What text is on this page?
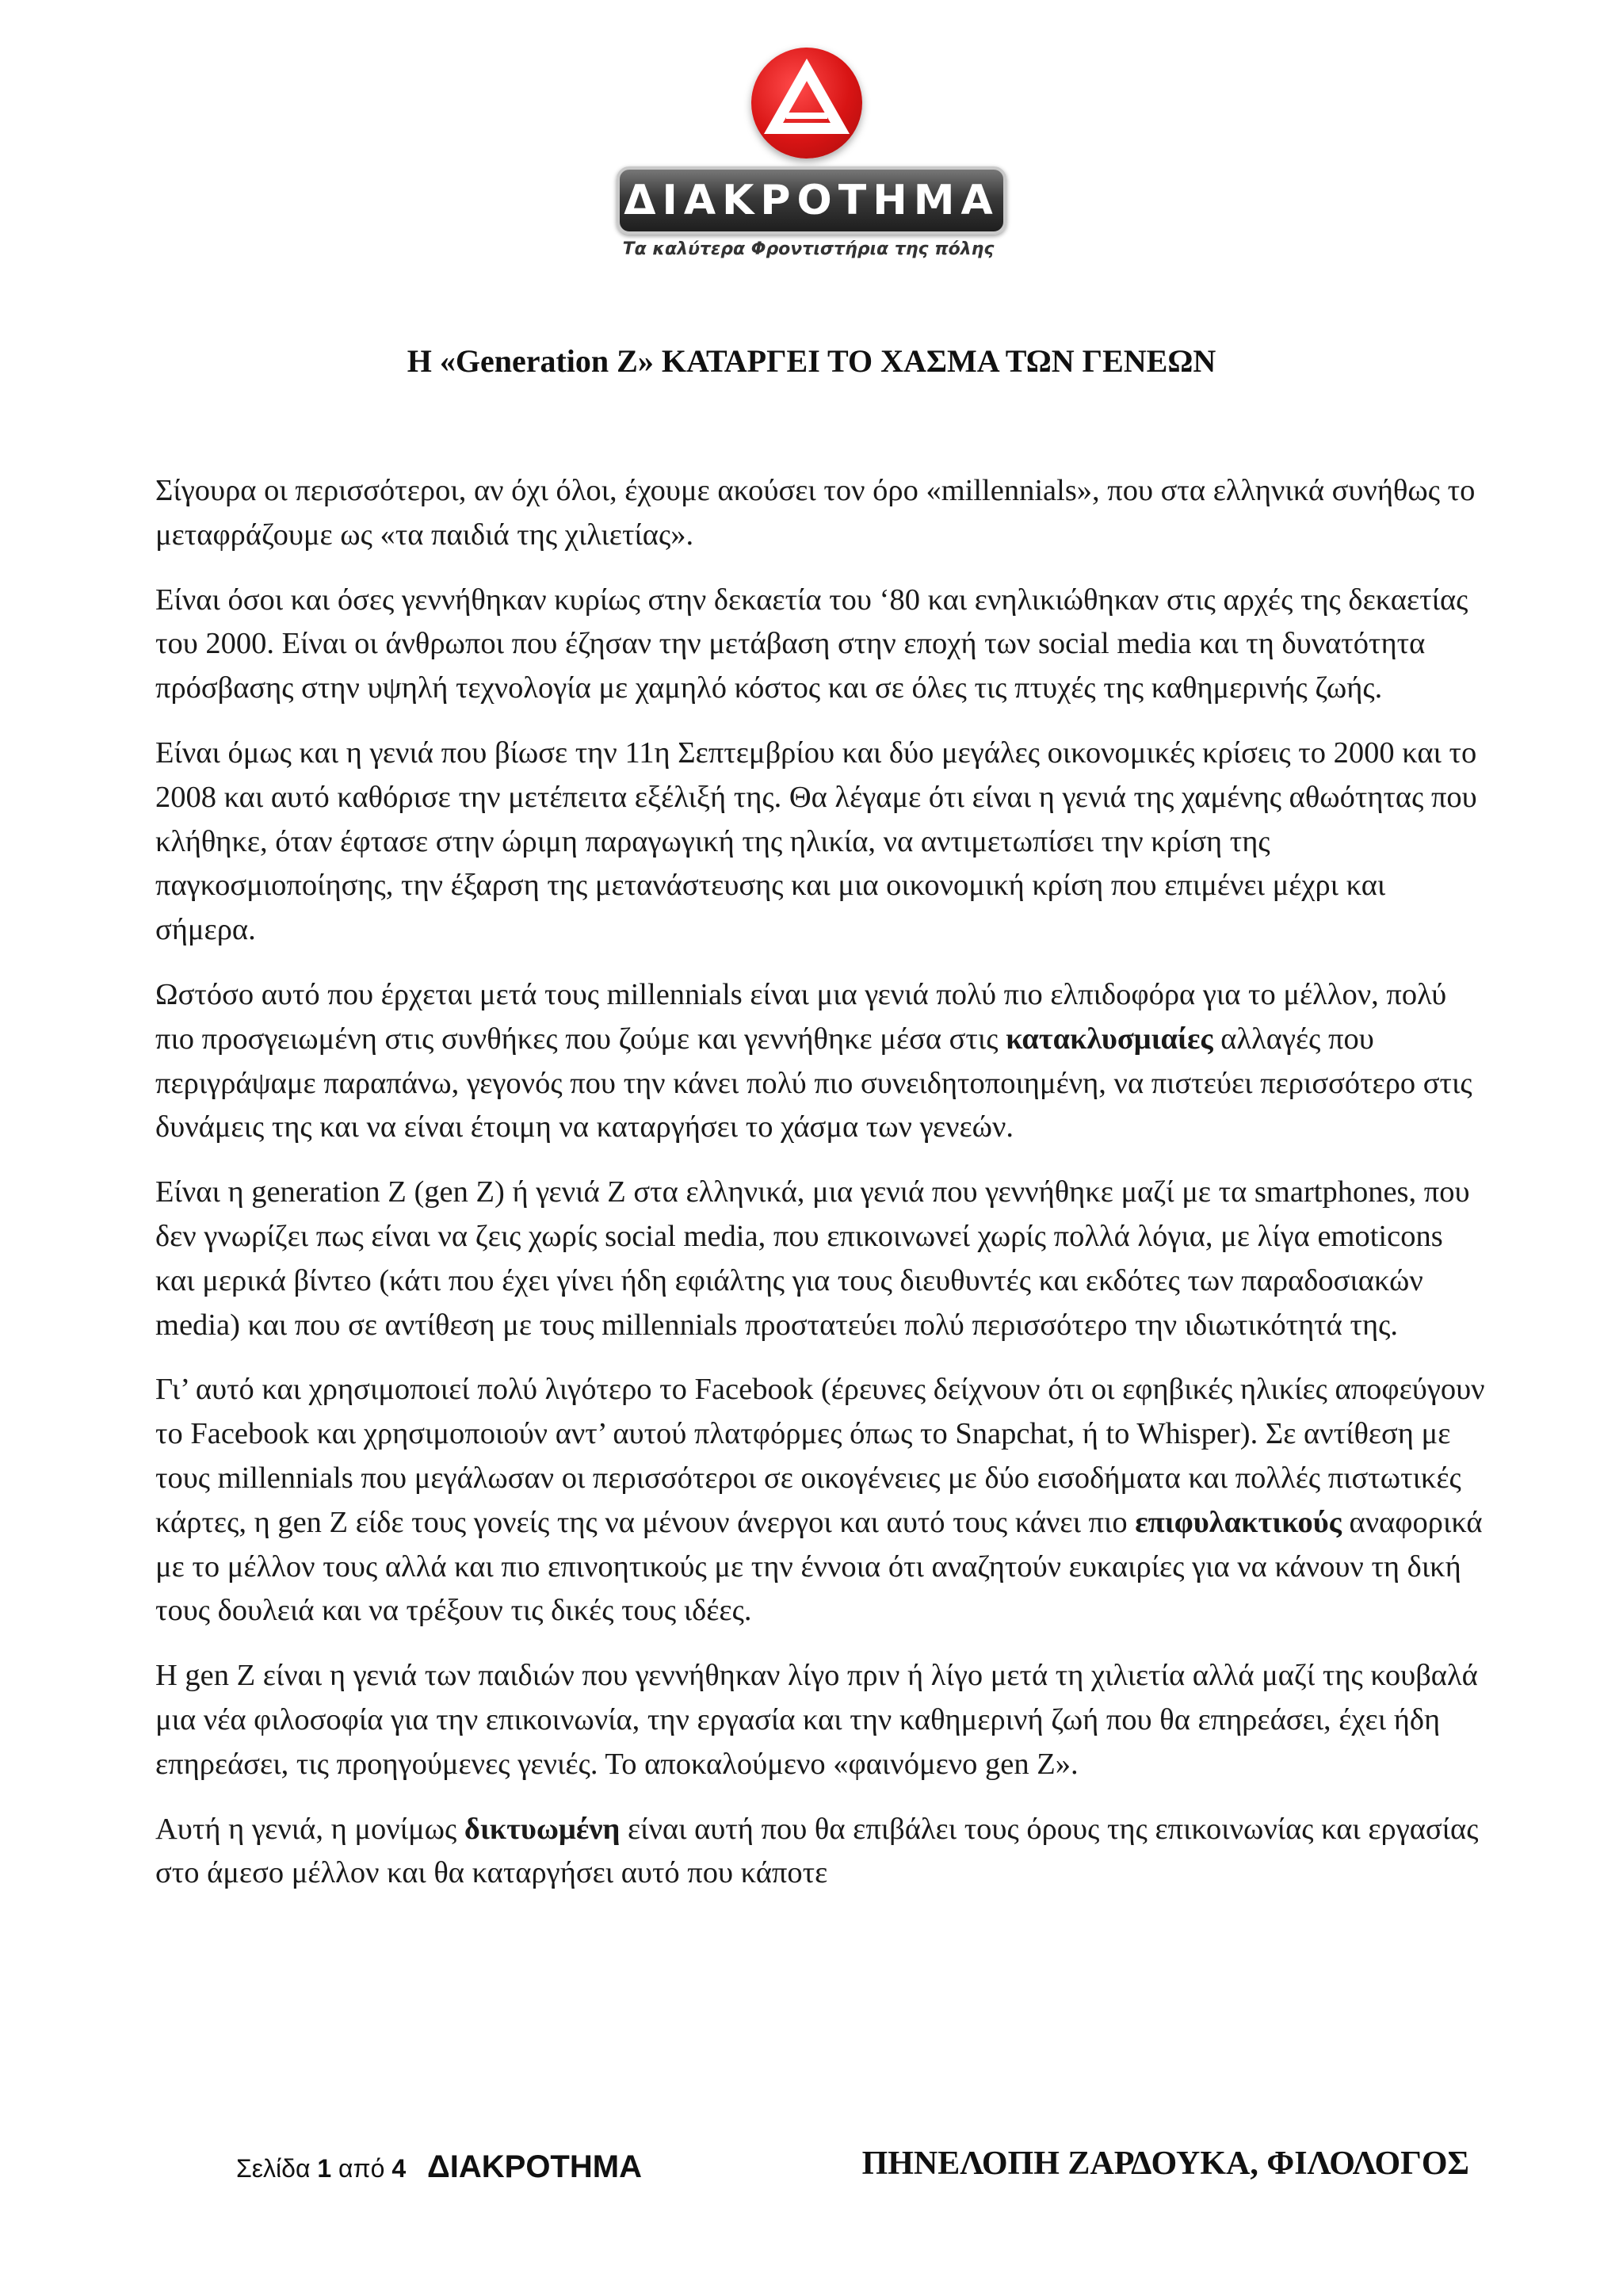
ΔΙΑΚΡΟΤΗΜΑ
Τα καλύτερα Φροντιστήρια της πόλης
Η «Generation Z» ΚΑΤΑΡΓΕΙ ΤΟ ΧΑΣΜΑ ΤΩΝ ΓΕΝΕΩΝ

Σίγουρα οι περισσότεροι, αν όχι όλοι, έχουμε ακούσει τον όρο «millennials», που στα ελληνικά συνήθως το μεταφράζουμε ως «τα παιδιά της χιλιετίας».

Είναι όσοι και όσες γεννήθηκαν κυρίως στην δεκαετία του ‘80 και ενηλικιώθηκαν στις αρχές της δεκαετίας του 2000. Είναι οι άνθρωποι που έζησαν την μετάβαση στην εποχή των social media και τη δυνατότητα πρόσβασης στην υψηλή τεχνολογία με χαμηλό κόστος και σε όλες τις πτυχές της καθημερινής ζωής.

Είναι όμως και η γενιά που βίωσε την 11η Σεπτεμβρίου και δύο μεγάλες οικονομικές κρίσεις το 2000 και το 2008 και αυτό καθόρισε την μετέπειτα εξέλιξή της. Θα λέγαμε ότι είναι η γενιά της χαμένης αθωότητας που κλήθηκε, όταν έφτασε στην ώριμη παραγωγική της ηλικία, να αντιμετωπίσει την κρίση της παγκοσμιοποίησης, την έξαρση της μετανάστευσης και μια οικονομική κρίση που επιμένει μέχρι και σήμερα.

Ωστόσο αυτό που έρχεται μετά τους millennials είναι μια γενιά πολύ πιο ελπιδοφόρα για το μέλλον, πολύ πιο προσγειωμένη στις συνθήκες που ζούμε και γεννήθηκε μέσα στις κατακλυσμιαίες αλλαγές που περιγράψαμε παραπάνω, γεγονός που την κάνει πολύ πιο συνειδητοποιημένη, να πιστεύει περισσότερο στις δυνάμεις της και να είναι έτοιμη να καταργήσει το χάσμα των γενεών.

Είναι η generation Z (gen Z) ή γενιά Z στα ελληνικά, μια γενιά που γεννήθηκε μαζί με τα smartphones, που δεν γνωρίζει πως είναι να ζεις χωρίς social media, που επικοινωνεί χωρίς πολλά λόγια, με λίγα emoticons και μερικά βίντεο (κάτι που έχει γίνει ήδη εφιάλτης για τους διευθυντές και εκδότες των παραδοσιακών media) και που σε αντίθεση με τους millennials προστατεύει πολύ περισσότερο την ιδιωτικότητά της.

Γι’ αυτό και χρησιμοποιεί πολύ λιγότερο το Facebook (έρευνες δείχνουν ότι οι εφηβικές ηλικίες αποφεύγουν το Facebook και χρησιμοποιούν αντ’ αυτού πλατφόρμες όπως το Snapchat, ή to Whisper). Σε αντίθεση με τους millennials που μεγάλωσαν οι περισσότεροι σε οικογένειες με δύο εισοδήματα και πολλές πιστωτικές κάρτες, η gen Z είδε τους γονείς της να μένουν άνεργοι και αυτό τους κάνει πιο επιφυλακτικούς αναφορικά με το μέλλον τους αλλά και πιο επινοητικούς με την έννοια ότι αναζητούν ευκαιρίες για να κάνουν τη δική τους δουλειά και να τρέξουν τις δικές τους ιδέες.

Η gen Z είναι η γενιά των παιδιών που γεννήθηκαν λίγο πριν ή λίγο μετά τη χιλιετία αλλά μαζί της κουβαλά μια νέα φιλοσοφία για την επικοινωνία, την εργασία και την καθημερινή ζωή που θα επηρεάσει, έχει ήδη επηρεάσει, τις προηγούμενες γενιές. Το αποκαλούμενο «φαινόμενο gen Z».

Αυτή η γενιά, η μονίμως δικτυωμένη είναι αυτή που θα επιβάλει τους όρους της επικοινωνίας και εργασίας στο άμεσο μέλλον και θα καταργήσει αυτό που κάποτε

Σελίδα 1 από 4 ΔΙΑΚΡΟΤΗΜΑ	ΠΗΝΕΛΟΠΗ ΖΑΡΔΟΥΚΑ, ΦΙΛΟΛΟΓΟΣ
